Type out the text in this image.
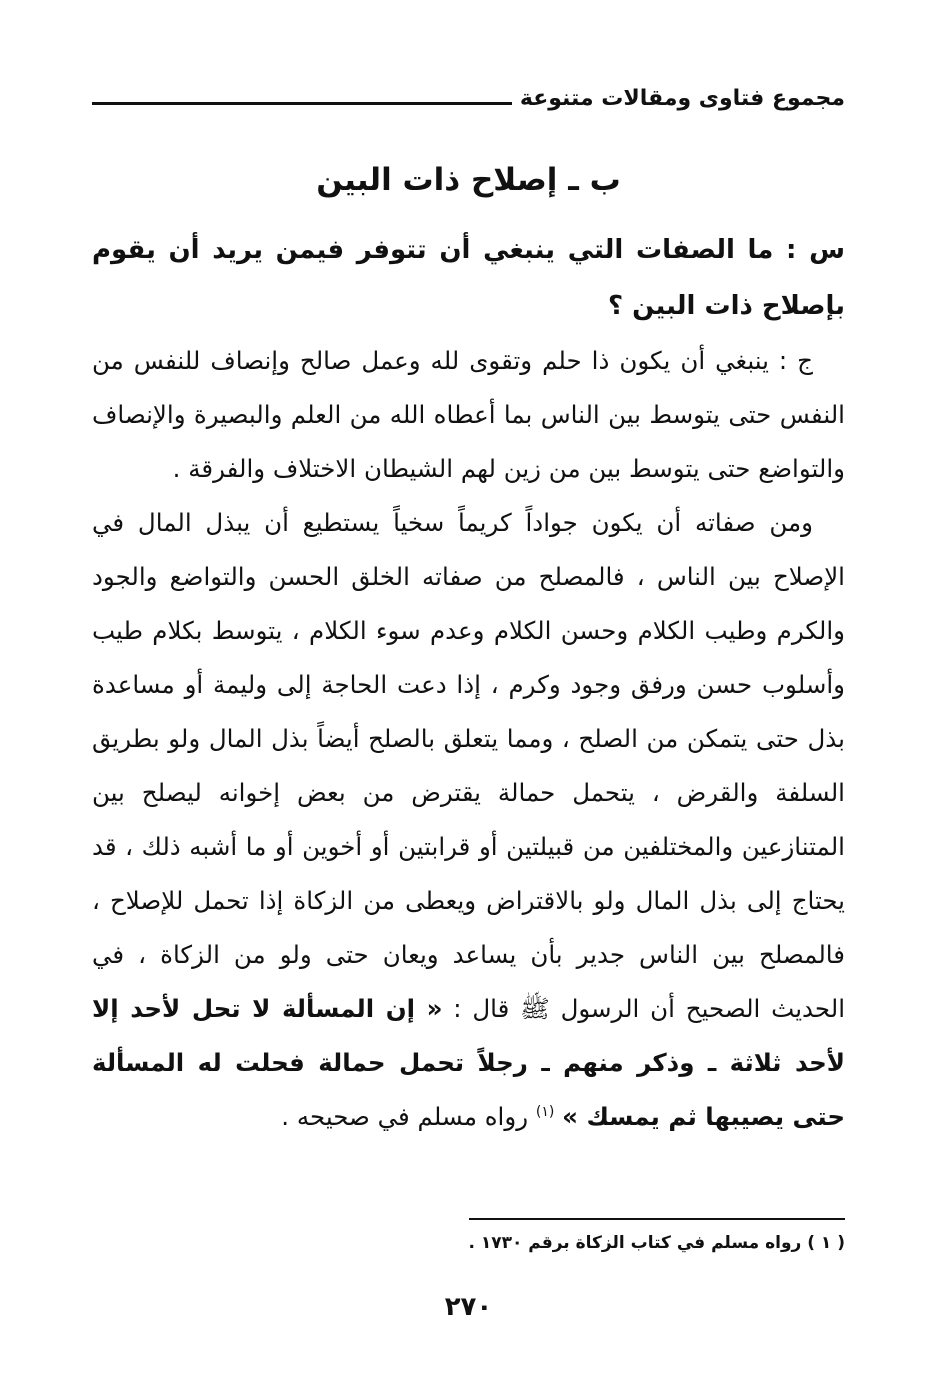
مجموع فتاوى ومقالات متنوعة
ب ـ إصلاح ذات البين

س : ما الصفات التي ينبغي أن تتوفر فيمن يريد أن يقوم بإصلاح ذات البين ؟

ج : ينبغي أن يكون ذا حلم وتقوى لله وعمل صالح وإنصاف للنفس من النفس حتى يتوسط بين الناس بما أعطاه الله من العلم والبصيرة والإنصاف والتواضع حتى يتوسط بين من زين لهم الشيطان الاختلاف والفرقة .

ومن صفاته أن يكون جواداً كريماً سخياً يستطيع أن يبذل المال في الإصلاح بين الناس ، فالمصلح من صفاته الخلق الحسن والتواضع والجود والكرم وطيب الكلام وحسن الكلام وعدم سوء الكلام ، يتوسط بكلام طيب وأسلوب حسن ورفق وجود وكرم ، إذا دعت الحاجة إلى وليمة أو مساعدة بذل حتى يتمكن من الصلح ، ومما يتعلق بالصلح أيضاً بذل المال ولو بطريق السلفة والقرض ، يتحمل حمالة يقترض من بعض إخوانه ليصلح بين المتنازعين والمختلفين من قبيلتين أو قرابتين أو أخوين أو ما أشبه ذلك ، قد يحتاج إلى بذل المال ولو بالاقتراض ويعطى من الزكاة إذا تحمل للإصلاح ، فالمصلح بين الناس جدير بأن يساعد ويعان حتى ولو من الزكاة ، في الحديث الصحيح أن الرسول ﷺ قال : « إن المسألة لا تحل لأحد إلا لأحد ثلاثة ـ وذكر منهم ـ رجلاً تحمل حمالة فحلت له المسألة حتى يصيبها ثم يمسك » $^{(١)}$ رواه مسلم في صحيحه .

( ١ ) رواه مسلم في كتاب الزكاة برقم ١٧٣٠ .
٢٧٠
